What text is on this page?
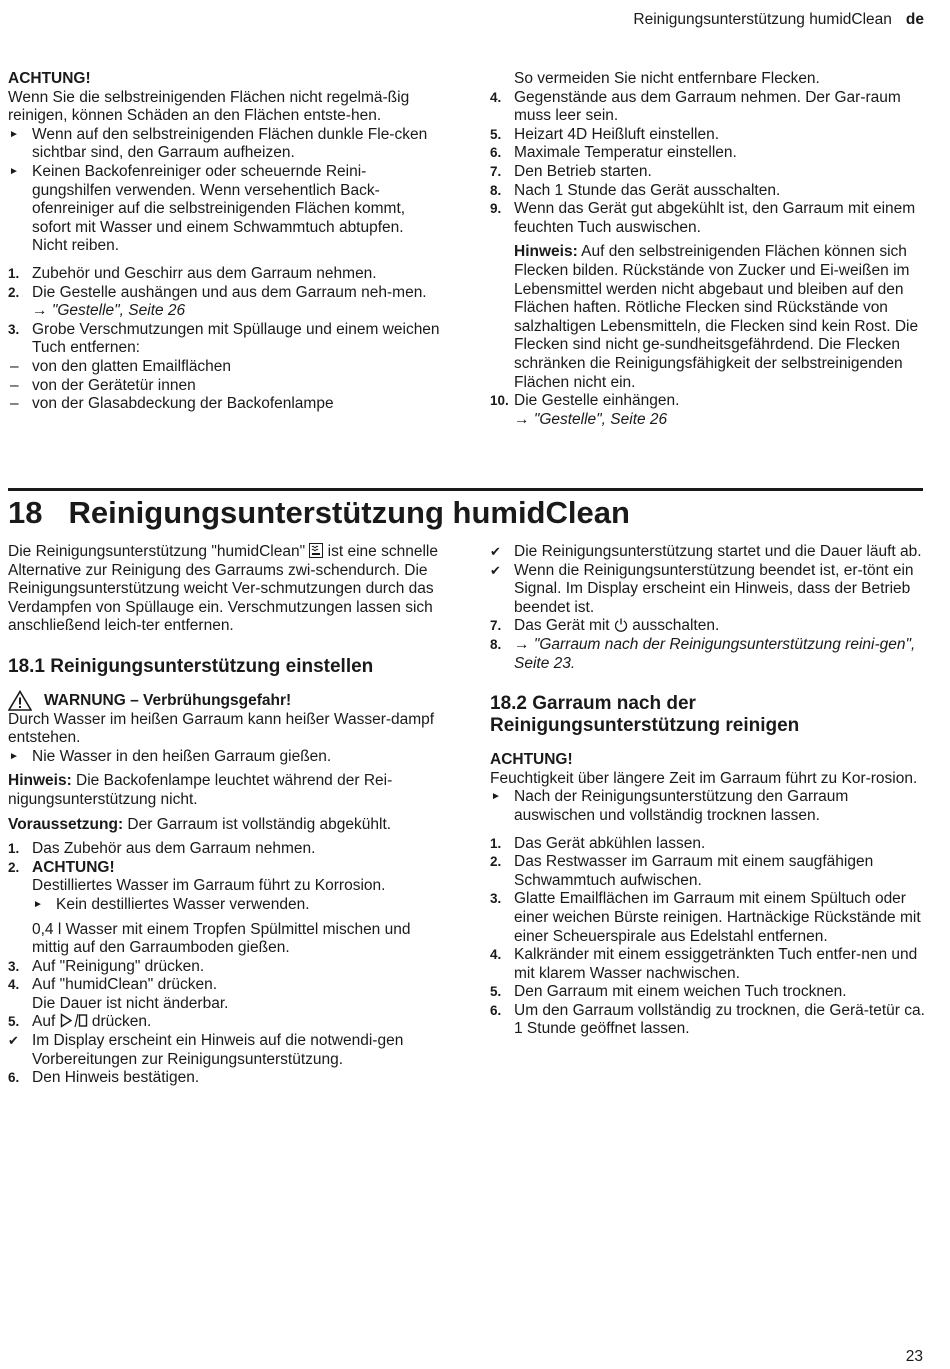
Reinigungsunterstützung humidClean de

ACHTUNG!

Wenn Sie die selbstreinigenden Flächen nicht regelmä-ßig reinigen, können Schäden an den Flächen entste-hen.

► Wenn auf den selbstreinigenden Flächen dunkle Fle-cken sichtbar sind, den Garraum aufheizen.
► Keinen Backofenreiniger oder scheuernde Reini-gungshilfen verwenden. Wenn versehentlich Back-ofenreiniger auf die selbstreinigenden Flächen kommt, sofort mit Wasser und einem Schwammtuch abtupfen. Nicht reiben.
1. Zubehör und Geschirr aus dem Garraum nehmen.
2. Die Gestelle aushängen und aus dem Garraum neh-men.
→ "Gestelle", Seite 26
3. Grobe Verschmutzungen mit Spüllauge und einem weichen Tuch entfernen:
– von den glatten Emailflächen
– von der Gerätetür innen
– von der Glasabdeckung der Backofenlampe

So vermeiden Sie nicht entfernbare Flecken.

4. Gegenstände aus dem Garraum nehmen. Der Gar-raum muss leer sein.
5. Heizart 4D Heißluft einstellen.
6. Maximale Temperatur einstellen.
7. Den Betrieb starten.
8. Nach 1 Stunde das Gerät ausschalten.
9. Wenn das Gerät gut abgekühlt ist, den Garraum mit einem feuchten Tuch auswischen.

Hinweis: Auf den selbstreinigenden Flächen können sich Flecken bilden. Rückstände von Zucker und Ei-weißen im Lebensmittel werden nicht abgebaut und bleiben auf den Flächen haften. Rötliche Flecken sind Rückstände von salzhaltigen Lebensmitteln, die Flecken sind kein Rost. Die Flecken sind nicht ge-sundheitsgefährdend. Die Flecken schränken die Reinigungsfähigkeit der selbstreinigenden Flächen nicht ein.

10. Die Gestelle einhängen.
→ "Gestelle", Seite 26
18 Reinigungsunterstützung humidClean

Die Reinigungsunterstützung "humidClean"  ist eine schnelle Alternative zur Reinigung des Garraums zwi-schendurch. Die Reinigungsunterstützung weicht Ver-schmutzungen durch das Verdampfen von Spüllauge ein. Verschmutzungen lassen sich anschließend leich-ter entfernen.

18.1 Reinigungsunterstützung einstellen

WARNUNG – Verbrühungsgefahr!

Durch Wasser im heißen Garraum kann heißer Wasser-dampf entstehen.

► Nie Wasser in den heißen Garraum gießen.

Hinweis: Die Backofenlampe leuchtet während der Rei-nigungsunterstützung nicht.

Voraussetzung: Der Garraum ist vollständig abgekühlt.

1. Das Zubehör aus dem Garraum nehmen.
2. ACHTUNG!

Destilliertes Wasser im Garraum führt zu Korrosion.

► Kein destilliertes Wasser verwenden.

0,4 l Wasser mit einem Tropfen Spülmittel mischen und mittig auf den Garraumboden gießen.

3. Auf "Reinigung" drücken.
4. Auf "humidClean" drücken.

Die Dauer ist nicht änderbar.

5. Auf  drücken.
✔ Im Display erscheint ein Hinweis auf die notwendi-gen Vorbereitungen zur Reinigungsunterstützung.
6. Den Hinweis bestätigen.
✔ Die Reinigungsunterstützung startet und die Dauer läuft ab.
✔ Wenn die Reinigungsunterstützung beendet ist, er-tönt ein Signal. Im Display erscheint ein Hinweis, dass der Betrieb beendet ist.
7. Das Gerät mit  ausschalten.
8. → "Garraum nach der Reinigungsunterstützung reini-gen", Seite 23.
18.2 Garraum nach der
Reinigungsunterstützung reinigen

ACHTUNG!

Feuchtigkeit über längere Zeit im Garraum führt zu Kor-rosion.

► Nach der Reinigungsunterstützung den Garraum auswischen und vollständig trocknen lassen.
1. Das Gerät abkühlen lassen.
2. Das Restwasser im Garraum mit einem saugfähigen Schwammtuch aufwischen.
3. Glatte Emailflächen im Garraum mit einem Spültuch oder einer weichen Bürste reinigen. Hartnäckige Rückstände mit einer Scheuerspirale aus Edelstahl entfernen.
4. Kalkränder mit einem essiggetränkten Tuch entfer-nen und mit klarem Wasser nachwischen.
5. Den Garraum mit einem weichen Tuch trocknen.
6. Um den Garraum vollständig zu trocknen, die Gerä-tetür ca. 1 Stunde geöffnet lassen.
23
